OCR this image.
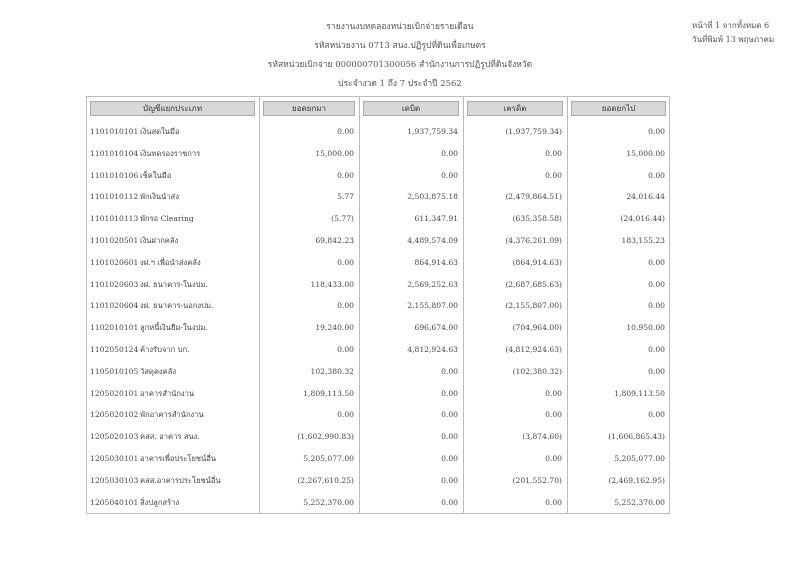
รายงานงบทดลองหน่วยเบิกจ่ายรายเดือน
รหัสหน่วยงาน 0713 สนง.ปฏิรูปที่ดินเพื่อเกษตร
รหัสหน่วยเบิกจ่าย 000000701300056 สำนักงานการปฏิรูปที่ดินจังหวัด
ประจำงวด 1 ถึง 7 ประจำปี 2562
หน้าที่ 1 จากทั้งหมด 6
วันที่พิมพ์ 13 พฤษภาคม
บัญชีแยกประเภท	ยอดยกมา	เดบิต	เครดิต	ยอดยกไป
1101010101 เงินสดในมือ	0.00	1,937,759.34	(1,937,759.34)	0.00
1101010104 เงินทดรองราชการ	15,000.00	0.00	0.00	15,000.00
1101010106 เช็คในมือ	0.00	0.00	0.00	0.00
1101010112 พักเงินนำส่ง	5.77	2,503,875.18	(2,479,864.51)	24,016.44
1101010113 พักรอ Clearing	(5.77)	611,347.91	(635,358.58)	(24,016.44)
1101020501 เงินฝากคลัง	69,842.23	4,489,574.09	(4,376,261.09)	183,155.23
1101020601 งฝ.ฯ เพื่อนำส่งคลัง	0.00	864,914.63	(864,914.63)	0.00
1101020603 งฝ. ธนาคาร-ในงปม.	118,433.00	2,569,252.63	(2,687,685.63)	0.00
1101020604 งฝ. ธนาคาร-นอกงปม.	0.00	2,155,807.00	(2,155,807.00)	0.00
1102010101 ลูกหนี้เงินยืม-ในงปม.	19,240.00	696,674.00	(704,964.00)	10,950.00
1102050124 ค้างรับจาก บก.	0.00	4,812,924.63	(4,812,924.63)	0.00
1105010105 วัสดุคงคลัง	102,380.32	0.00	(102,380.32)	0.00
1205020101 อาคารสำนักงาน	1,809,113.50	0.00	0.00	1,809,113.50
1205020102 พักอาคารสำนักงาน	0.00	0.00	0.00	0.00
1205020103 คสส. อาคาร สนง.	(1,602,990.83)	0.00	(3,874.60)	(1,606,865.43)
1205030101 อาคารเพื่อประโยชน์อื่น	5,205,077.00	0.00	0.00	5,205,077.00
1205030103 คสส.อาคารประโยชน์อื่น	(2,267,610.25)	0.00	(201,552.70)	(2,469,162.95)
1205040101 สิ่งปลูกสร้าง	5,252,370.00	0.00	0.00	5,252,370.00
